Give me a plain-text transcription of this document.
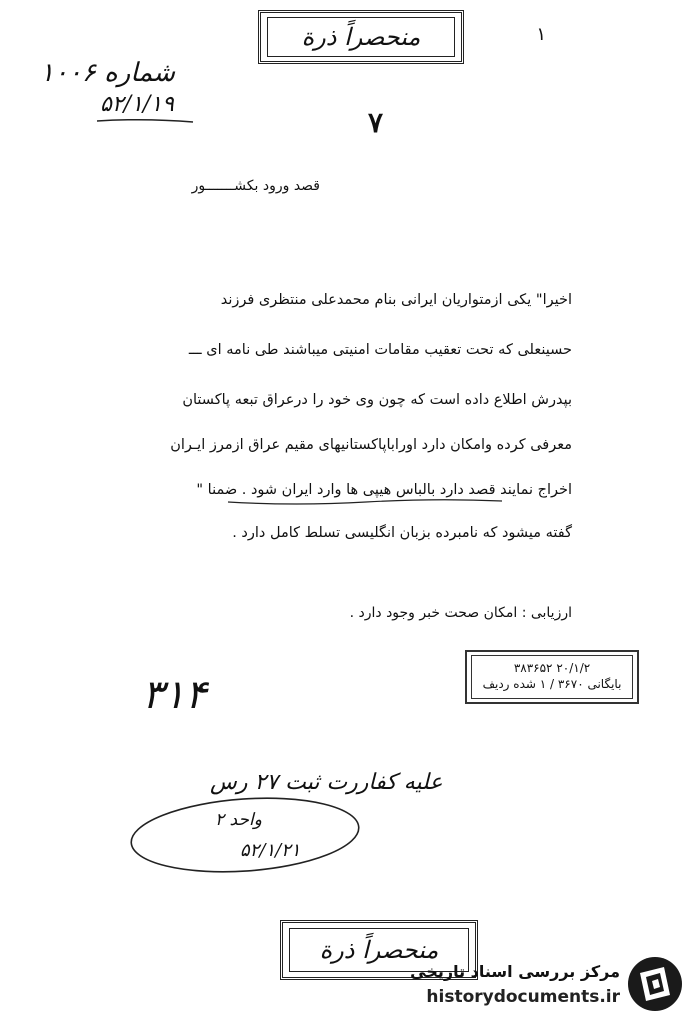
منحصراً ذرة	۱
شماره ۱۰۰۶
۵۲/۱/۱۹
۷
قصد ورود بکشـــــــور
اخیرا" یکی ازمتواریان ایرانی بنام محمدعلی منتظری فرزند
حسینعلی که تحت تعقیب مقامات امنیتی میباشند طی نامه ای ـــ
بپدرش اطلاع داده است که چون وی خود را درعراق تبعه پاکستان
معرفی کرده وامکان دارد اوراباپاکستانیهای مقیم عراق ازمرز ایـران
اخراج نمایند قصد دارد بالباس هیپی ها وارد ایران شود . ضمنا "
گفته میشود که نامبرده بزبان انگلیسی تسلط کامل دارد .
ارزیابی : امکان صحت خبر وجود دارد .
۲۰/۱/۲ ۳۸۳۶۵۲
بایگانی ۳۶۷۰ / ۱ شده ردیف
۳۱۴
علیه کفاررت ثبت ۲۷ رس
واحد ۲
۵۲/۱/۲۱
منحصراً ذرة
مرکز بررسی اسناد تاریخی
historydocuments.ir
